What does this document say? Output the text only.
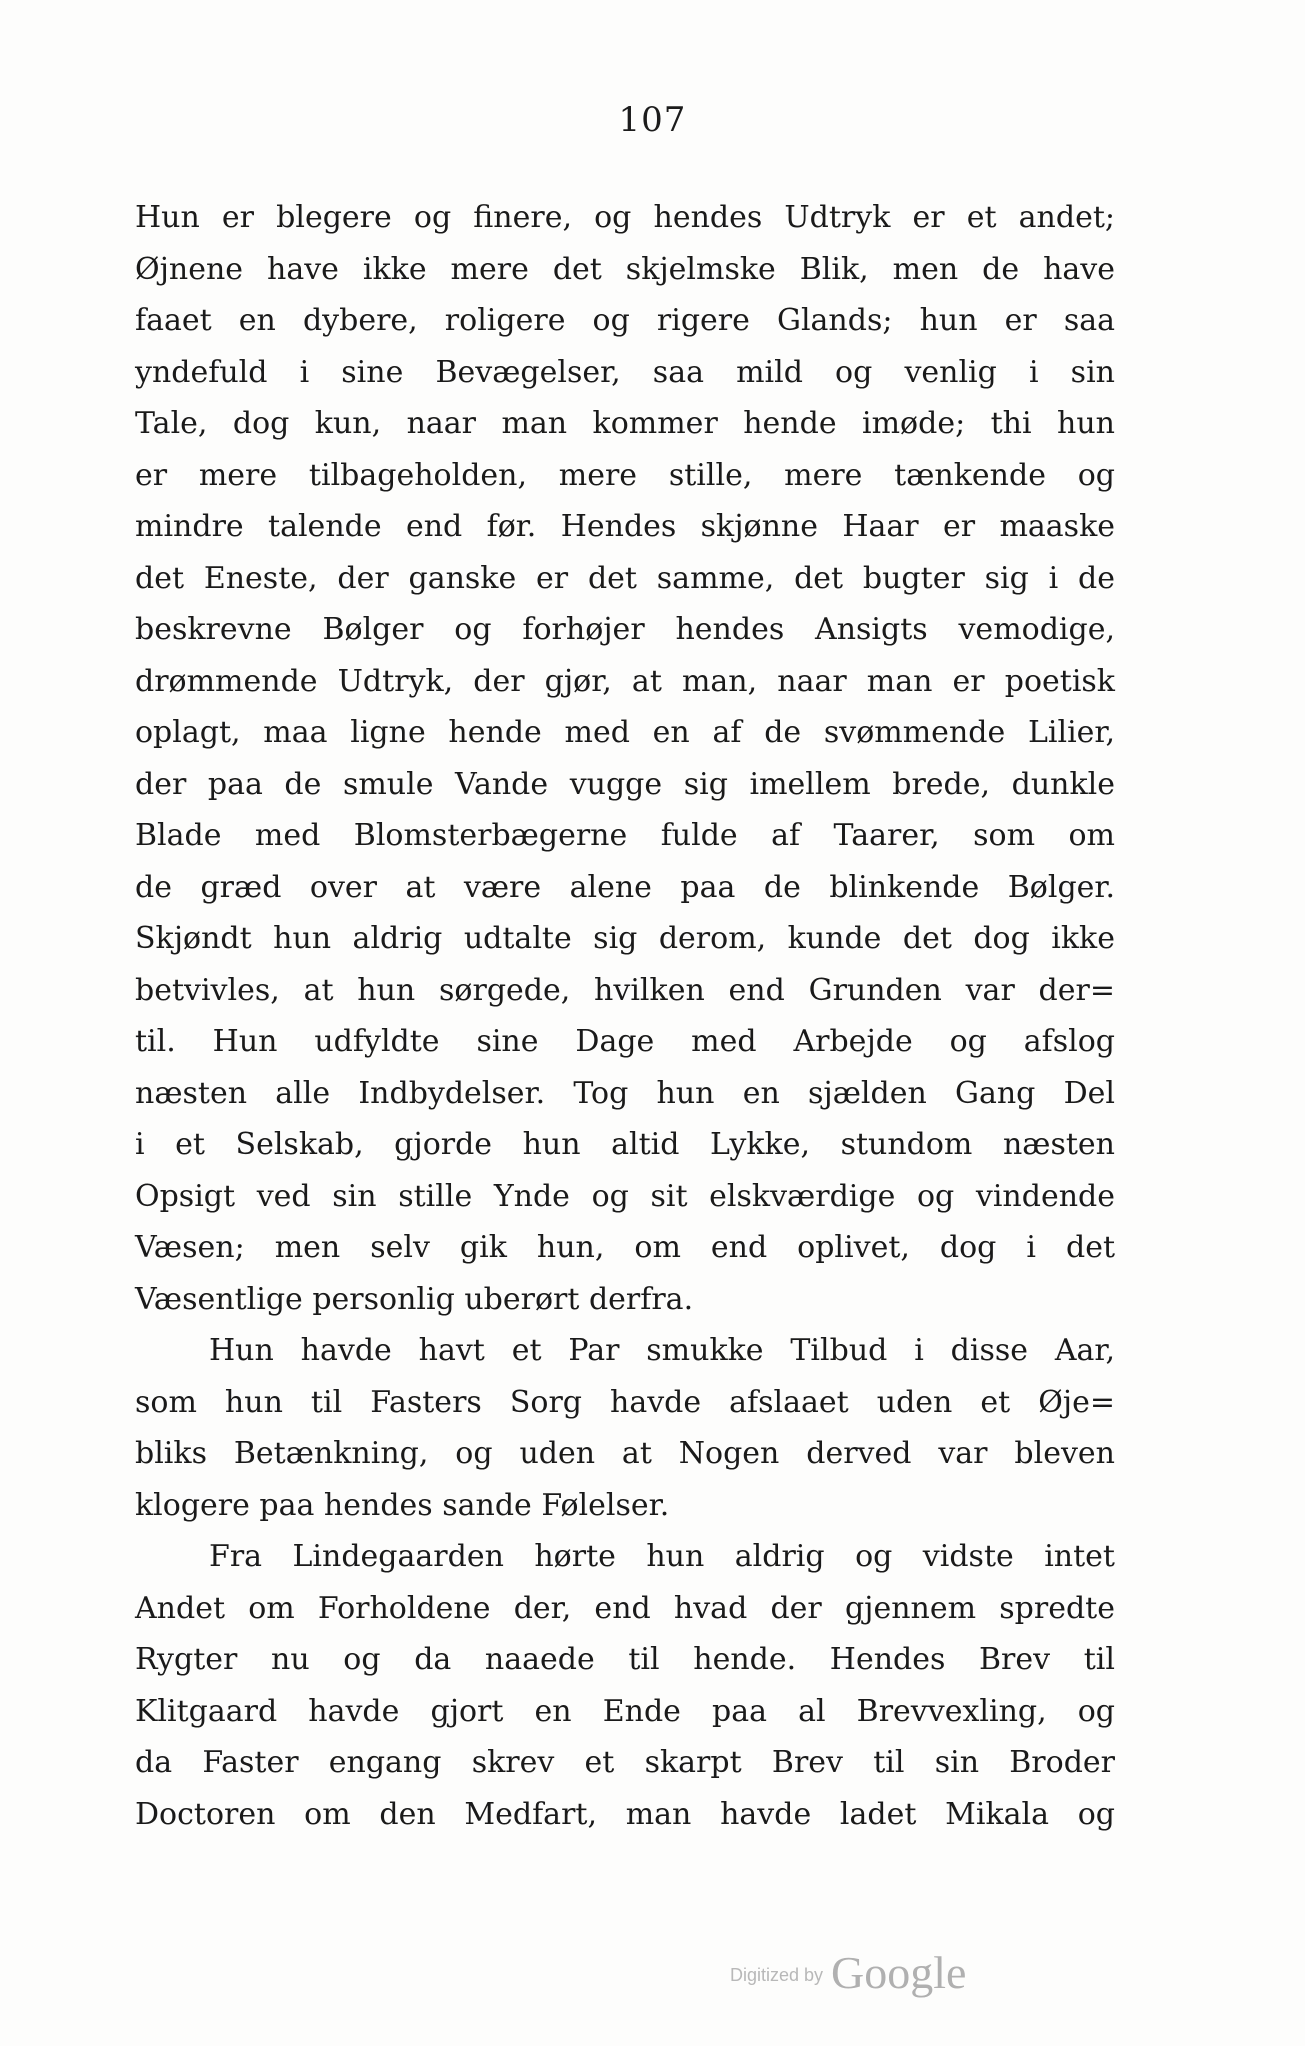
107
Hun er blegere og finere, og hendes Udtryk er et andet;
Øjnene have ikke mere det skjelmske Blik, men de have
faaet en dybere, roligere og rigere Glands; hun er saa
yndefuld i sine Bevægelser, saa mild og venlig i sin
Tale, dog kun, naar man kommer hende imøde; thi hun
er mere tilbageholden, mere stille, mere tænkende og
mindre talende end før. Hendes skjønne Haar er maaske
det Eneste, der ganske er det samme, det bugter sig i de
beskrevne Bølger og forhøjer hendes Ansigts vemodige,
drømmende Udtryk, der gjør, at man, naar man er poetisk
oplagt, maa ligne hende med en af de svømmende Lilier,
der paa de smule Vande vugge sig imellem brede, dunkle
Blade med Blomsterbægerne fulde af Taarer, som om
de græd over at være alene paa de blinkende Bølger.
Skjøndt hun aldrig udtalte sig derom, kunde det dog ikke
betvivles, at hun sørgede, hvilken end Grunden var der=
til. Hun udfyldte sine Dage med Arbejde og afslog
næsten alle Indbydelser. Tog hun en sjælden Gang Del
i et Selskab, gjorde hun altid Lykke, stundom næsten
Opsigt ved sin stille Ynde og sit elskværdige og vindende
Væsen; men selv gik hun, om end oplivet, dog i det
Væsentlige personlig uberørt derfra.
Hun havde havt et Par smukke Tilbud i disse Aar,
som hun til Fasters Sorg havde afslaaet uden et Øje=
bliks Betænkning, og uden at Nogen derved var bleven
klogere paa hendes sande Følelser.
Fra Lindegaarden hørte hun aldrig og vidste intet
Andet om Forholdene der, end hvad der gjennem spredte
Rygter nu og da naaede til hende. Hendes Brev til
Klitgaard havde gjort en Ende paa al Brevvexling, og
da Faster engang skrev et skarpt Brev til sin Broder
Doctoren om den Medfart, man havde ladet Mikala og
Digitized by Google
